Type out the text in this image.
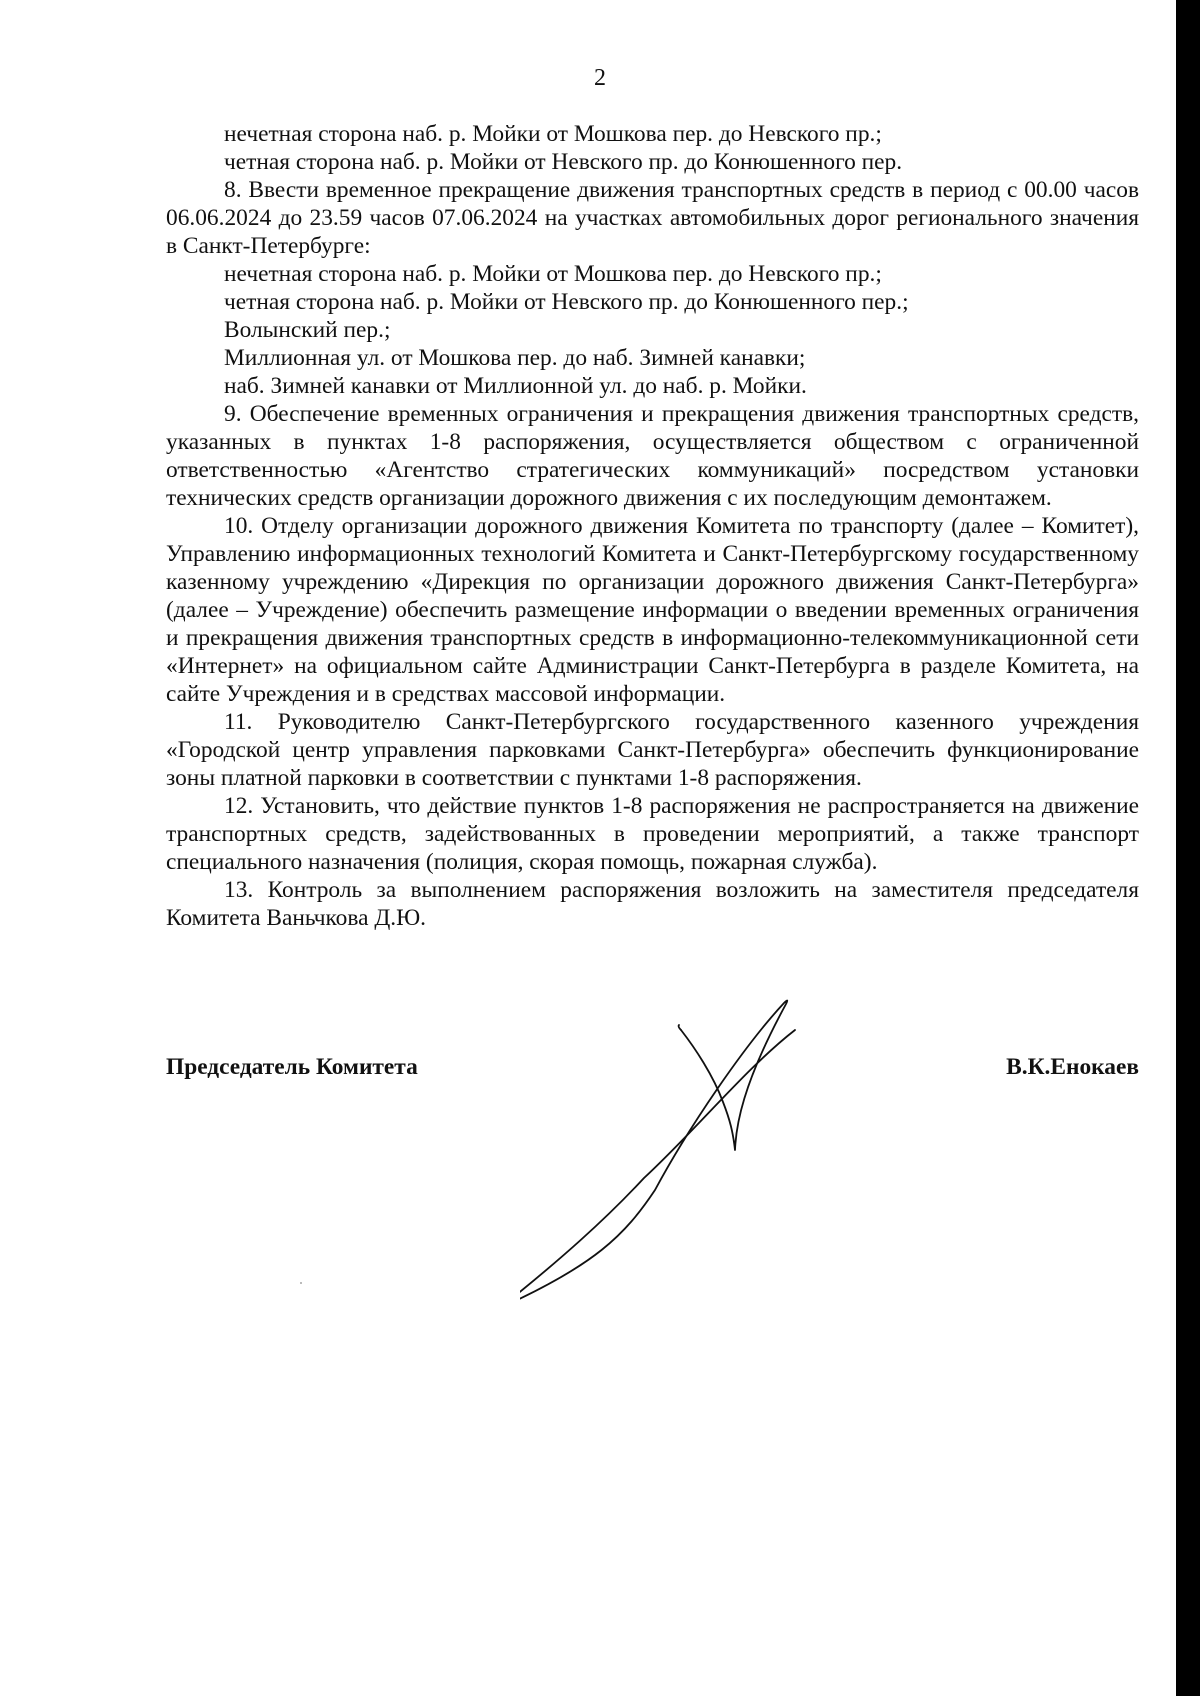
2

нечетная сторона наб. р. Мойки от Мошкова пер. до Невского пр.;

четная сторона наб. р. Мойки от Невского пр. до Конюшенного пер.

8. Ввести временное прекращение движения транспортных средств в период с 00.00 часов 06.06.2024 до 23.59 часов 07.06.2024 на участках автомобильных дорог регионального значения в Санкт-Петербурге:

нечетная сторона наб. р. Мойки от Мошкова пер. до Невского пр.;

четная сторона наб. р. Мойки от Невского пр. до Конюшенного пер.;

Волынский пер.;

Миллионная ул. от Мошкова пер. до наб. Зимней канавки;

наб. Зимней канавки от Миллионной ул. до наб. р. Мойки.

9. Обеспечение временных ограничения и прекращения движения транспортных средств, указанных в пунктах 1-8 распоряжения, осуществляется обществом с ограниченной ответственностью «Агентство стратегических коммуникаций» посредством установки технических средств организации дорожного движения с их последующим демонтажем.

10. Отделу организации дорожного движения Комитета по транспорту (далее – Комитет), Управлению информационных технологий Комитета и Санкт-Петербургскому государственному казенному учреждению «Дирекция по организации дорожного движения Санкт-Петербурга» (далее – Учреждение) обеспечить размещение информации о введении временных ограничения и прекращения движения транспортных средств в информационно-телекоммуникационной сети «Интернет» на официальном сайте Администрации Санкт-Петербурга в разделе Комитета, на сайте Учреждения и в средствах массовой информации.

11. Руководителю Санкт-Петербургского государственного казенного учреждения «Городской центр управления парковками Санкт-Петербурга» обеспечить функционирование зоны платной парковки в соответствии с пунктами 1-8 распоряжения.

12. Установить, что действие пунктов 1-8 распоряжения не распространяется на движение транспортных средств, задействованных в проведении мероприятий, а также транспорт специального назначения (полиция, скорая помощь, пожарная служба).

13. Контроль за выполнением распоряжения возложить на заместителя председателя Комитета Ваньчкова Д.Ю.

Председатель Комитета	В.К.Енокаев
